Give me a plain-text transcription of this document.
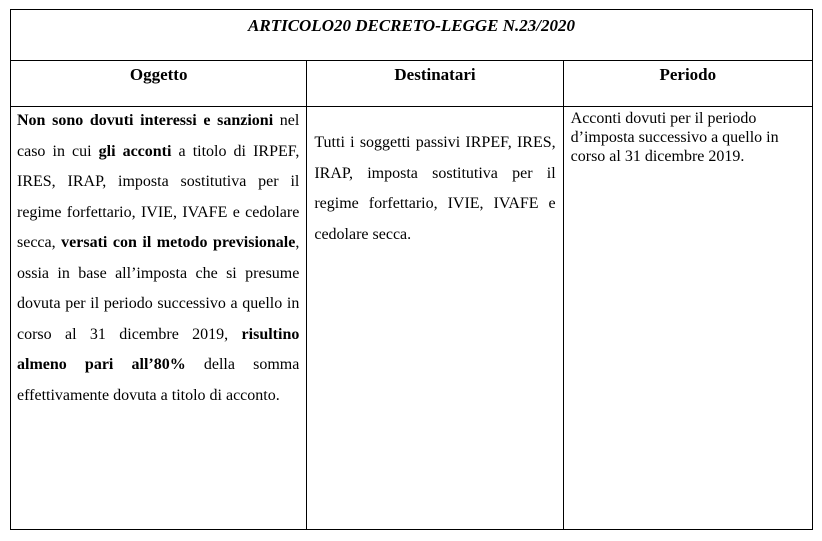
ARTICOLO20 DECRETO-LEGGE N.23/2020		

Oggetto	Destinatari	Periodo

Non sono dovuti interessi e sanzioni nel caso in cui gli acconti a titolo di IRPEF, IRES, IRAP, imposta sostitutiva per il regime forfettario, IVIE, IVAFE e cedolare secca, versati con il metodo previsionale, ossia in base all’imposta che si presume dovuta per il periodo successivo a quello in corso al 31 dicembre 2019, risultino almeno pari all’80% della somma effettivamente dovuta a titolo di acconto.	Tutti i soggetti passivi IRPEF, IRES, IRAP, imposta sostitutiva per il regime forfettario, IVIE, IVAFE e cedolare secca.	Acconti dovuti per il periodo d’imposta successivo a quello in corso al 31 dicembre 2019.
